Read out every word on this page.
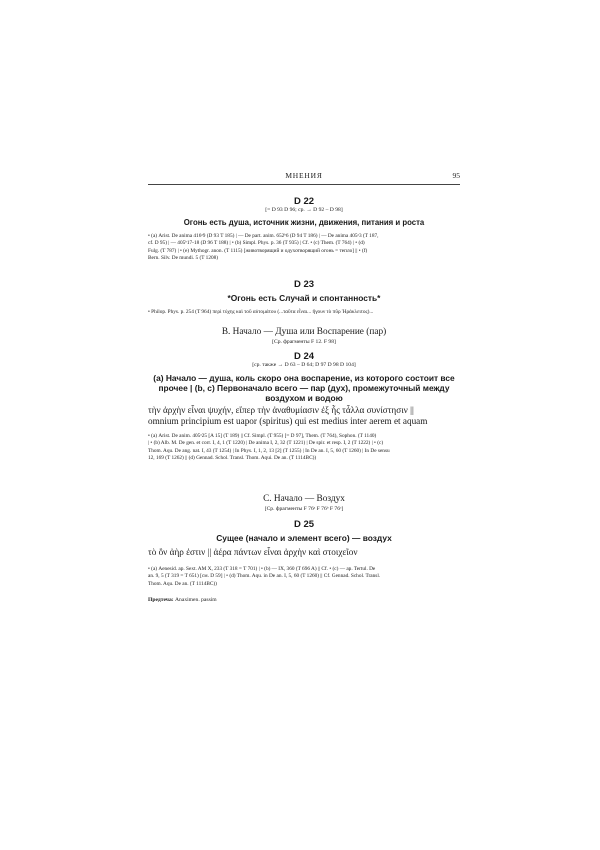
МНЕНИЯ	95
D 22
[= D 93 D 96; ср. → D 92 – D 98]
Огонь есть душа, источник жизни, движения, питания и роста

• (а) Arist. De anima 416ᵃ9 (D 93 T 185) | — De part. anim. 652ᵇ6 (D 94 T 186) | — De anima 405ᵃ3 (T 187,

cf. D 95) | — 405ᵇ17-18 (D 96 T 188) | • (b) Simpl. Phys. p. 36 (T 935) | Cf. • (c) Them. (T 764) | • (d)

Fulg. (T 787) | • (e) Mythogr. anon. (T 1115) [животворящий и одухотворящий огонь = тепло] || • (f)

Bern. Silv. De mundi. 5 (T 1208)

D 23
*Огонь есть Случай и спонтанность*

• Philop. Phys. p. 254 (T 964) περὶ τύχης καὶ τοῦ αὐτομάτου (...ταῦτα εἶναι... ἤγουν τὸ πῦρ Ἡράκλειτος)...

B. Начало — Душа или Воспарение (пар)
[Ср. фрагменты F 12. F 98]
D 24
[ср. также → D 63 – D 64; D 97 D 98 D 104]
(а) Начало — душа, коль скоро она воспарение, из которого состоит все
прочее | (b, c) Первоначало всего — пар (дух), промежуточный между
воздухом и водою
τὴν ἀρχὴν εἶναι ψυχήν, εἴπερ τὴν ἀναθυμίασιν ἐξ ἧς τἆλλα συνίστησιν ||
omnium principium est uapor (spiritus) qui est medius inter aerem et aquam

• (а) Arist. De anim. 405ᵃ25 [A 15] (T 189) || Cf. Simpl. (T 955) [= D 97], Them. (T 764), Sophon. (T 1140)

| • (b) Alb. M. De gen. et corr. I, 4, 1 (T 1220) | De anima I, 2, 32 (T 1221) | De spir. et resp. I, 2 (T 1222) | • (c)

Thom. Aqu. De ang. nat. I, 43 (T 1254) | In Phys. I, 1, 2, 13 [2] (T 1255) | In De an. I, 5, 60 (T 1260) | In De sensu

12, 169 (T 1262) || (d) Gennad. Schol. Transl. Thom. Aqui. De an. (T 1114BC))

C. Начало — Воздух
[Ср. фрагменты F 76ᵃ F 76ᵇ F 76ᶜ]
D 25
Сущее (начало и элемент всего) — воздух
τὸ ὂν ἀὴρ ἐστιν || ἀέρα πάντων εἶναι ἀρχὴν καὶ στοιχεῖον

• (а) Aenesid. ap. Sext. AM X, 233 (T 318 = T 701) | • (b) — IX, 360 (T 696 A) || Cf. • (c) — ap. Tertul. De

an. 9, 5 (T 319 = T 651) [см. D 59] | • (d) Thom. Aqu. in De an. I, 5, 60 (T 1260) || Cf. Gennad. Schol. Transl.

Thom. Aqu. De an. (T 1114BC))

Предтеча: Anaximen. passim
